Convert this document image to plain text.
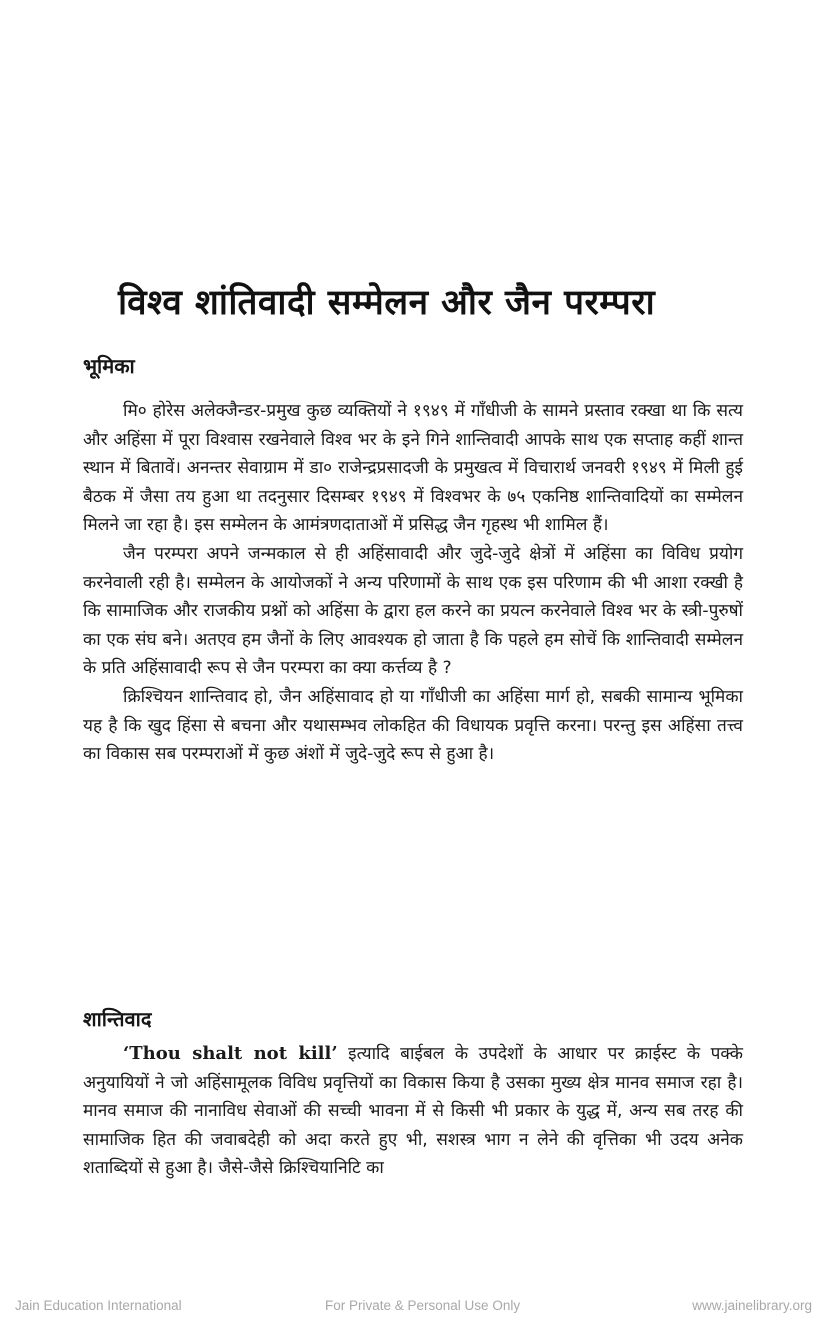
विश्व शांतिवादी सम्मेलन और जैन परम्परा
भूमिका

मि० होरेस अलेक्जैन्डर-प्रमुख कुछ व्यक्तियों ने १९४९ में गाँधीजी के सामने प्रस्ताव रक्खा था कि सत्य और अहिंसा में पूरा विश्वास रखनेवाले विश्व भर के इने गिने शान्तिवादी आपके साथ एक सप्ताह कहीं शान्त स्थान में बितावें। अनन्तर सेवाग्राम में डा० राजेन्द्रप्रसादजी के प्रमुखत्व में विचारार्थ जनवरी १९४९ में मिली हुई बैठक में जैसा तय हुआ था तदनुसार दिसम्बर १९४९ में विश्वभर के ७५ एकनिष्ठ शान्तिवादियों का सम्मेलन मिलने जा रहा है। इस सम्मेलन के आमंत्रणदाताओं में प्रसिद्ध जैन गृहस्थ भी शामिल हैं।

जैन परम्परा अपने जन्मकाल से ही अहिंसावादी और जुदे-जुदे क्षेत्रों में अहिंसा का विविध प्रयोग करनेवाली रही है। सम्मेलन के आयोजकों ने अन्य परिणामों के साथ एक इस परिणाम की भी आशा रक्खी है कि सामाजिक और राजकीय प्रश्नों को अहिंसा के द्वारा हल करने का प्रयत्न करनेवाले विश्व भर के स्त्री-पुरुषों का एक संघ बने। अतएव हम जैनों के लिए आवश्यक हो जाता है कि पहले हम सोचें कि शान्तिवादी सम्मेलन के प्रति अहिंसावादी रूप से जैन परम्परा का क्या कर्त्तव्य है ?

क्रिश्चियन शान्तिवाद हो, जैन अहिंसावाद हो या गाँधीजी का अहिंसा मार्ग हो, सबकी सामान्य भूमिका यह है कि खुद हिंसा से बचना और यथासम्भव लोकहित की विधायक प्रवृत्ति करना। परन्तु इस अहिंसा तत्त्व का विकास सब परम्पराओं में कुछ अंशों में जुदे-जुदे रूप से हुआ है।

शान्तिवाद

‘Thou shalt not kill’ इत्यादि बाईबल के उपदेशों के आधार पर क्राईस्ट के पक्के अनुयायियों ने जो अहिंसामूलक विविध प्रवृत्तियों का विकास किया है उसका मुख्य क्षेत्र मानव समाज रहा है। मानव समाज की नानाविध सेवाओं की सच्ची भावना में से किसी भी प्रकार के युद्ध में, अन्य सब तरह की सामाजिक हित की जवाबदेही को अदा करते हुए भी, सशस्त्र भाग न लेने की वृत्तिका भी उदय अनेक शताब्दियों से हुआ है। जैसे-जैसे क्रिश्चियानिटि का

Jain Education International	For Private & Personal Use Only	www.jainelibrary.org
